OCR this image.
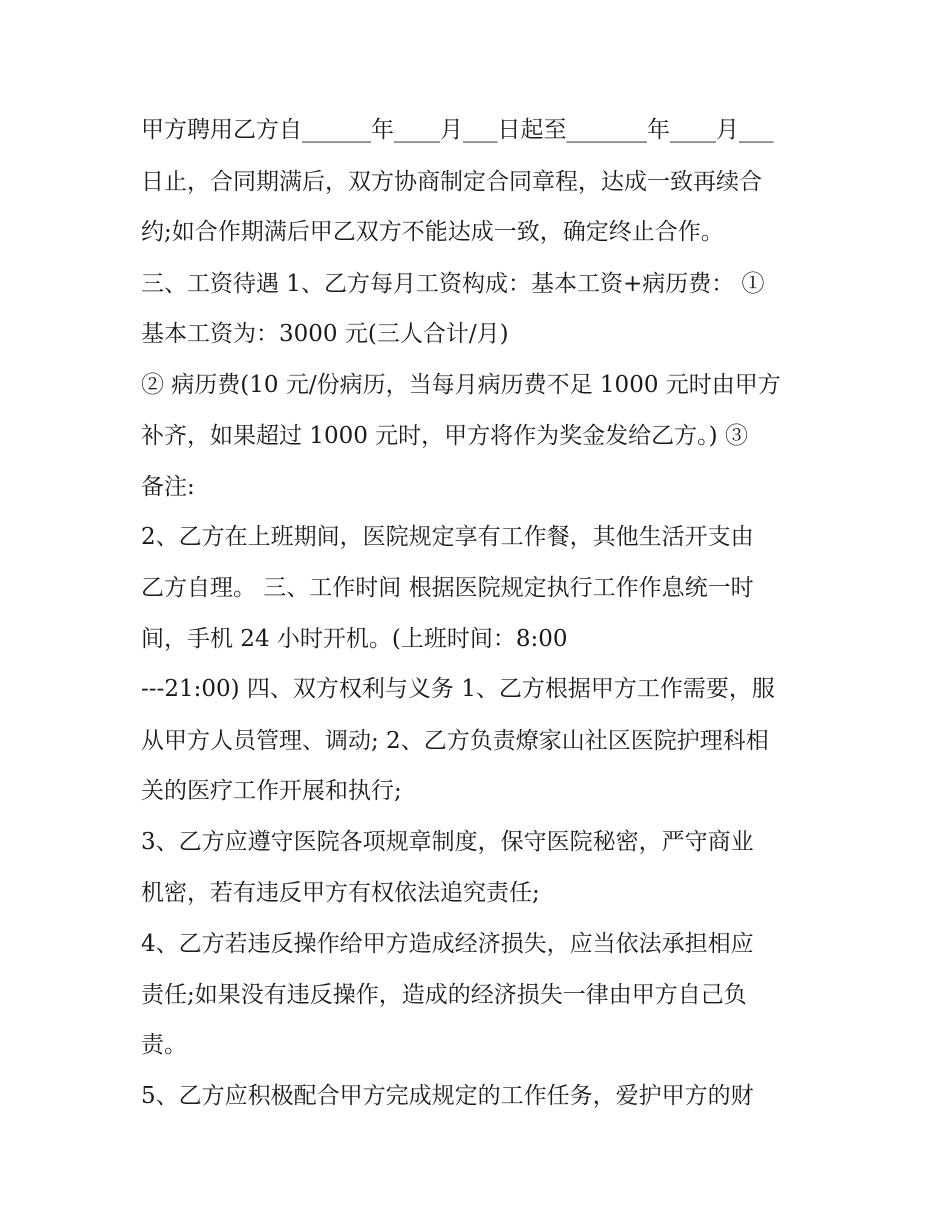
甲方聘用乙方自______年____月___日起至_______年____月___
日止，合同期满后，双方协商制定合同章程，达成一致再续合
约;如合作期满后甲乙双方不能达成一致，确定终止合作。
三、工资待遇 1、乙方每月工资构成：基本工资+病历费： ①
基本工资为：3000 元(三人合计/月)
② 病历费(10 元/份病历，当每月病历费不足 1000 元时由甲方
补齐，如果超过 1000 元时，甲方将作为奖金发给乙方。) ③
备注:
2、乙方在上班期间，医院规定享有工作餐，其他生活开支由
乙方自理。 三、工作时间 根据医院规定执行工作作息统一时
间，手机 24 小时开机。(上班时间：8:00
---21:00) 四、双方权利与义务 1、乙方根据甲方工作需要，服
从甲方人员管理、调动; 2、乙方负责燎家山社区医院护理科相
关的医疗工作开展和执行;
3、乙方应遵守医院各项规章制度，保守医院秘密，严守商业
机密，若有违反甲方有权依法追究责任;
4、乙方若违反操作给甲方造成经济损失，应当依法承担相应
责任;如果没有违反操作，造成的经济损失一律由甲方自己负
责。
5、乙方应积极配合甲方完成规定的工作任务，爱护甲方的财
